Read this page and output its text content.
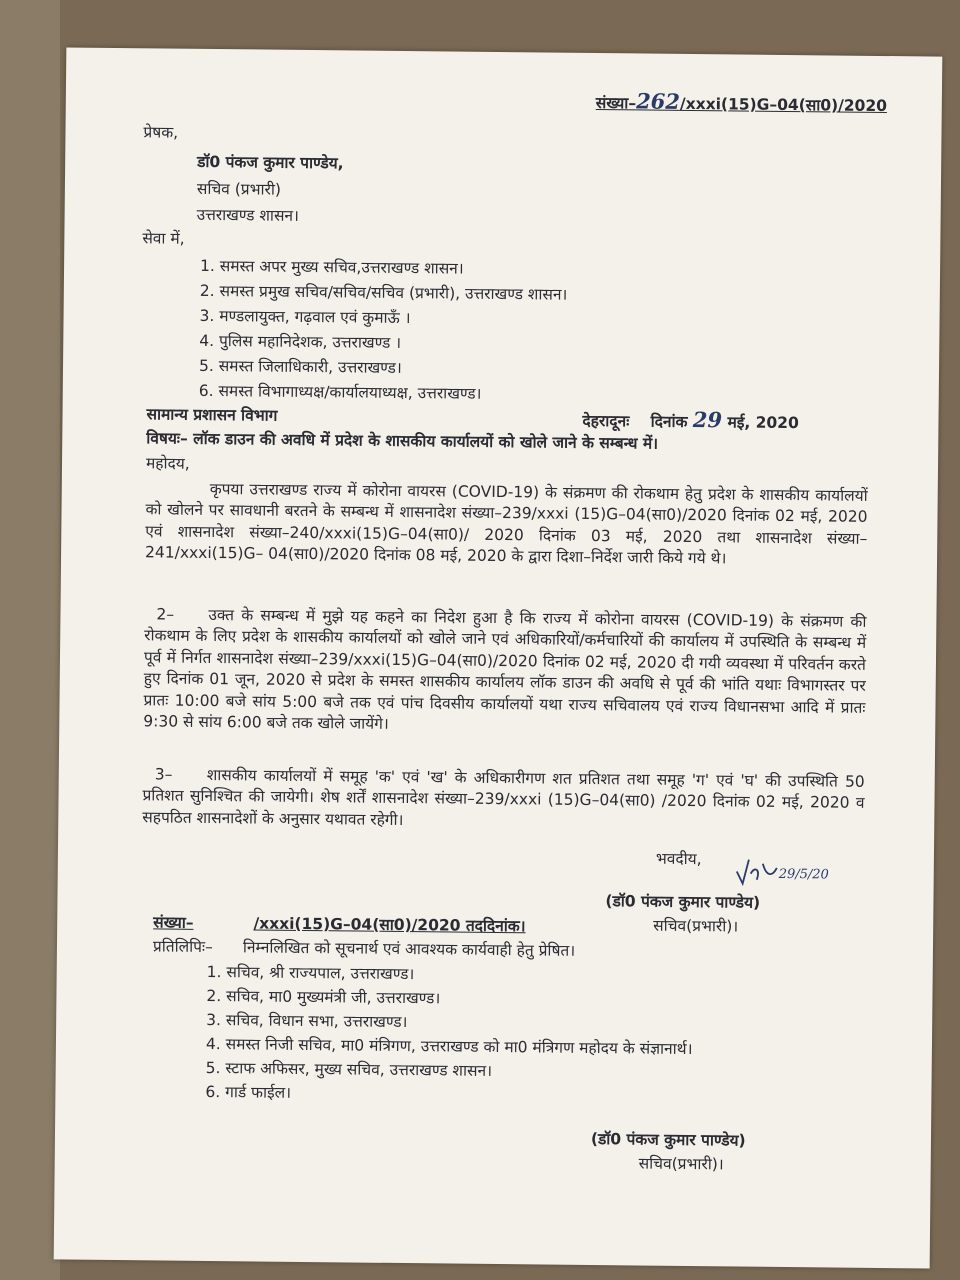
संख्या–262/xxxi(15)G–04(सा0)/2020
प्रेषक,
डॉ0 पंकज कुमार पाण्डेय,
सचिव (प्रभारी)
उत्तराखण्ड शासन।
सेवा में,
1. समस्त अपर मुख्य सचिव,उत्तराखण्ड शासन।
2. समस्त प्रमुख सचिव/सचिव/सचिव (प्रभारी), उत्तराखण्ड शासन।
3. मण्डलायुक्त, गढ़वाल एवं कुमाऊँ ।
4. पुलिस महानिदेशक, उत्तराखण्ड ।
5. समस्त जिलाधिकारी, उत्तराखण्ड।
6. समस्त विभागाध्यक्ष/कार्यालयाध्यक्ष, उत्तराखण्ड।
सामान्य प्रशासन विभाग	देहरादूनः दिनांक 29 मई, 2020
विषयः– लॉक डाउन की अवधि में प्रदेश के शासकीय कार्यालयों को खोले जाने के सम्बन्ध में।
महोदय,
कृपया उत्तराखण्ड राज्य में कोरोना वायरस (COVID-19) के संक्रमण की रोकथाम हेतु प्रदेश के शासकीय कार्यालयों को खोलने पर सावधानी बरतने के सम्बन्ध में शासनादेश संख्या–239/xxxi (15)G–04(सा0)/2020 दिनांक 02 मई, 2020 एवं शासनादेश संख्या–240/xxxi(15)G–04(सा0)/ 2020 दिनांक 03 मई, 2020 तथा शासनादेश संख्या–241/xxxi(15)G– 04(सा0)/2020 दिनांक 08 मई, 2020 के द्वारा दिशा–निर्देश जारी किये गये थे।
2–	उक्त के सम्बन्ध में मुझे यह कहने का निदेश हुआ है कि राज्य में कोरोना वायरस (COVID-19) के संक्रमण की रोकथाम के लिए प्रदेश के शासकीय कार्यालयों को खोले जाने एवं अधिकारियों/कर्मचारियों की कार्यालय में उपस्थिति के सम्बन्ध में पूर्व में निर्गत शासनादेश संख्या–239/xxxi(15)G–04(सा0)/2020 दिनांक 02 मई, 2020 दी गयी व्यवस्था में परिवर्तन करते हुए दिनांक 01 जून, 2020 से प्रदेश के समस्त शासकीय कार्यालय लॉक डाउन की अवधि से पूर्व की भांति यथाः विभागस्तर पर प्रातः 10:00 बजे सांय 5:00 बजे तक एवं पांच दिवसीय कार्यालयों यथा राज्य सचिवालय एवं राज्य विधानसभा आदि में प्रातः 9:30 से सांय 6:00 बजे तक खोले जायेंगे।
3–	शासकीय कार्यालयों में समूह 'क' एवं 'ख' के अधिकारीगण शत प्रतिशत तथा समूह 'ग' एवं 'घ' की उपस्थिति 50 प्रतिशत सुनिश्चित की जायेगी। शेष शर्तें शासनादेश संख्या–239/xxxi (15)G–04(सा0) /2020 दिनांक 02 मई, 2020 व सहपठित शासनादेशों के अनुसार यथावत रहेगी।
भवदीय,
29/5/20
(डॉ0 पंकज कुमार पाण्डेय)
सचिव(प्रभारी)।
संख्या–	/xxxi(15)G–04(सा0)/2020 तददिनांक।
प्रतिलिपिः– निम्नलिखित को सूचनार्थ एवं आवश्यक कार्यवाही हेतु प्रेषित।
1. सचिव, श्री राज्यपाल, उत्तराखण्ड।
2. सचिव, मा0 मुख्यमंत्री जी, उत्तराखण्ड।
3. सचिव, विधान सभा, उत्तराखण्ड।
4. समस्त निजी सचिव, मा0 मंत्रिगण, उत्तराखण्ड को मा0 मंत्रिगण महोदय के संज्ञानार्थ।
5. स्टाफ अफिसर, मुख्य सचिव, उत्तराखण्ड शासन।
6. गार्ड फाईल।
(डॉ0 पंकज कुमार पाण्डेय)
सचिव(प्रभारी)।
